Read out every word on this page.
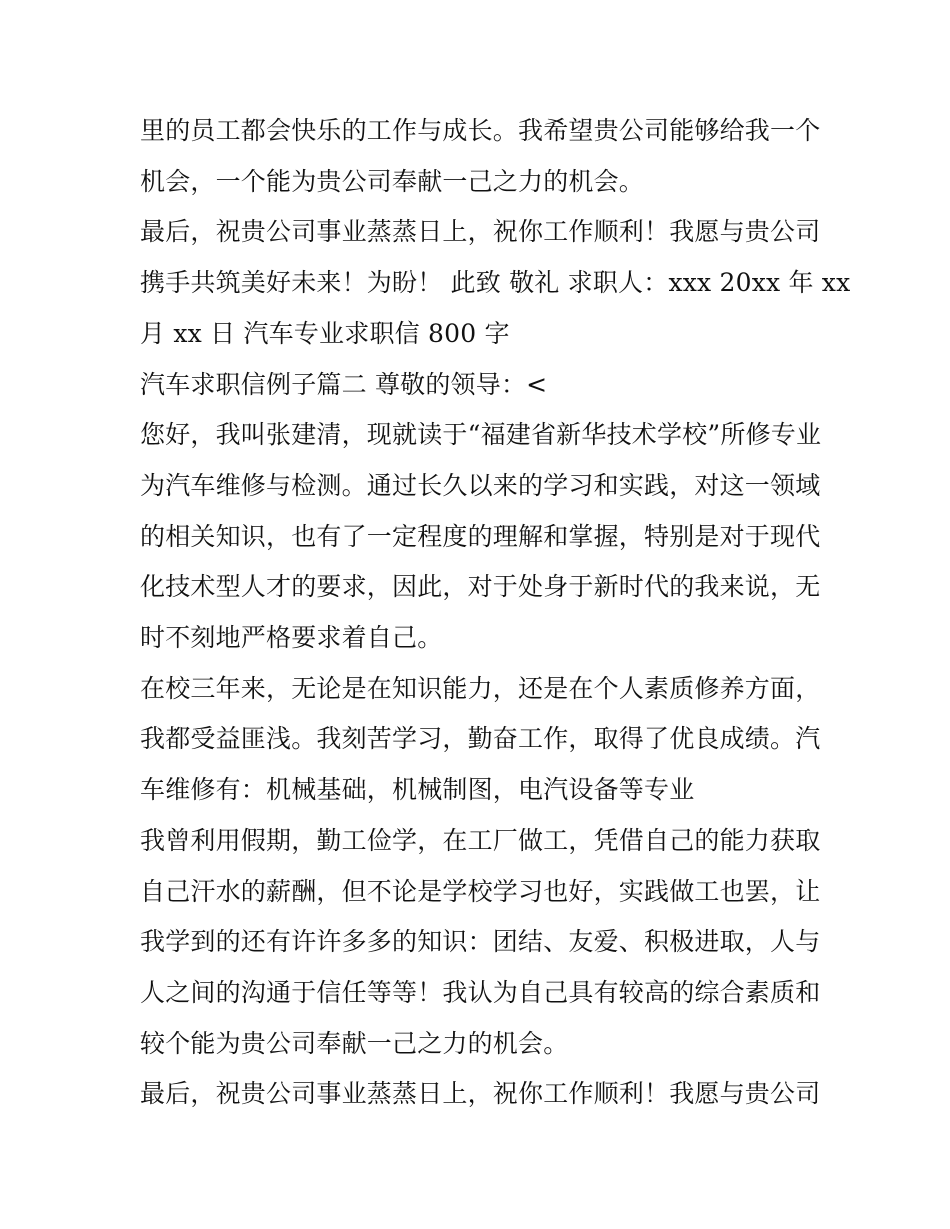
里的员工都会快乐的工作与成长。我希望贵公司能够给我一个
机会，一个能为贵公司奉献一己之力的机会。

最后，祝贵公司事业蒸蒸日上，祝你工作顺利！我愿与贵公司
携手共筑美好未来！为盼！ 此致 敬礼 求职人：xxx 20xx 年 xx
月 xx 日 汽车专业求职信 800 字

汽车求职信例子篇二 尊敬的领导：<

您好，我叫张建清，现就读于“福建省新华技术学校”所修专业
为汽车维修与检测。通过长久以来的学习和实践，对这一领域
的相关知识，也有了一定程度的理解和掌握，特别是对于现代
化技术型人才的要求，因此，对于处身于新时代的我来说，无
时不刻地严格要求着自己。

在校三年来，无论是在知识能力，还是在个人素质修养方面，
我都受益匪浅。我刻苦学习，勤奋工作，取得了优良成绩。汽
车维修有：机械基础，机械制图，电汽设备等专业

我曾利用假期，勤工俭学，在工厂做工，凭借自己的能力获取
自己汗水的薪酬，但不论是学校学习也好，实践做工也罢，让
我学到的还有许许多多的知识：团结、友爱、积极进取，人与
人之间的沟通于信任等等！我认为自己具有较高的综合素质和
较个能为贵公司奉献一己之力的机会。

最后，祝贵公司事业蒸蒸日上，祝你工作顺利！我愿与贵公司
